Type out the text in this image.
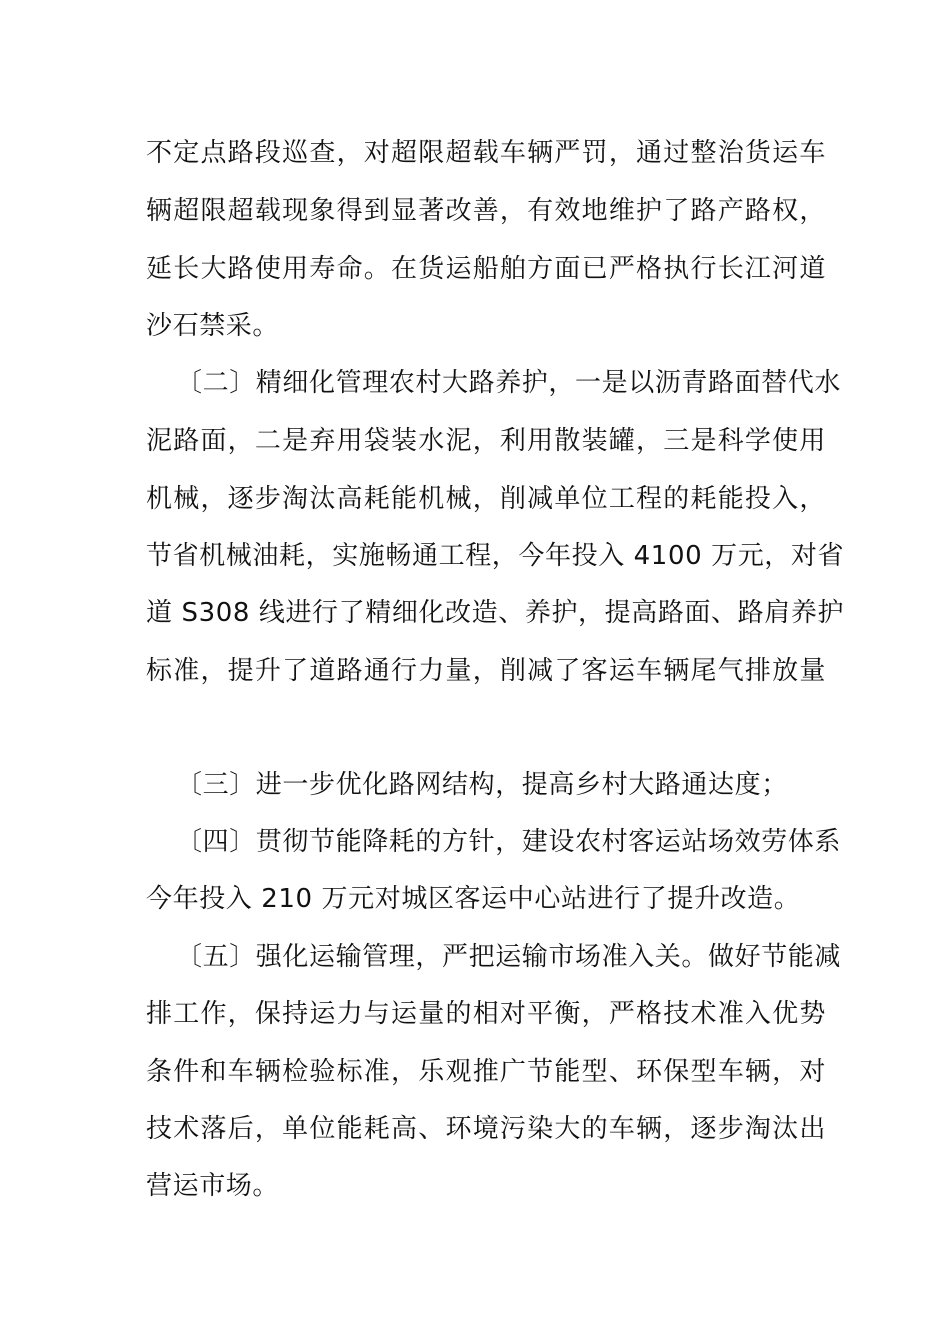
不定点路段巡查，对超限超载车辆严罚，通过整治货运车
辆超限超载现象得到显著改善，有效地维护了路产路权，
延长大路使用寿命。在货运船舶方面已严格执行长江河道
沙石禁采。
〔二〕精细化管理农村大路养护，一是以沥青路面替代水
泥路面，二是弃用袋装水泥，利用散装罐，三是科学使用
机械，逐步淘汰高耗能机械，削减单位工程的耗能投入，
节省机械油耗，实施畅通工程，今年投入 4100 万元，对省
道 S308 线进行了精细化改造、养护，提高路面、路肩养护
标准，提升了道路通行力量，削减了客运车辆尾气排放量
〔三〕进一步优化路网结构，提高乡村大路通达度；
〔四〕贯彻节能降耗的方针，建设农村客运站场效劳体系
今年投入 210 万元对城区客运中心站进行了提升改造。
〔五〕强化运输管理，严把运输市场准入关。做好节能减
排工作，保持运力与运量的相对平衡，严格技术准入优势
条件和车辆检验标准，乐观推广节能型、环保型车辆，对
技术落后，单位能耗高、环境污染大的车辆，逐步淘汰出
营运市场。
